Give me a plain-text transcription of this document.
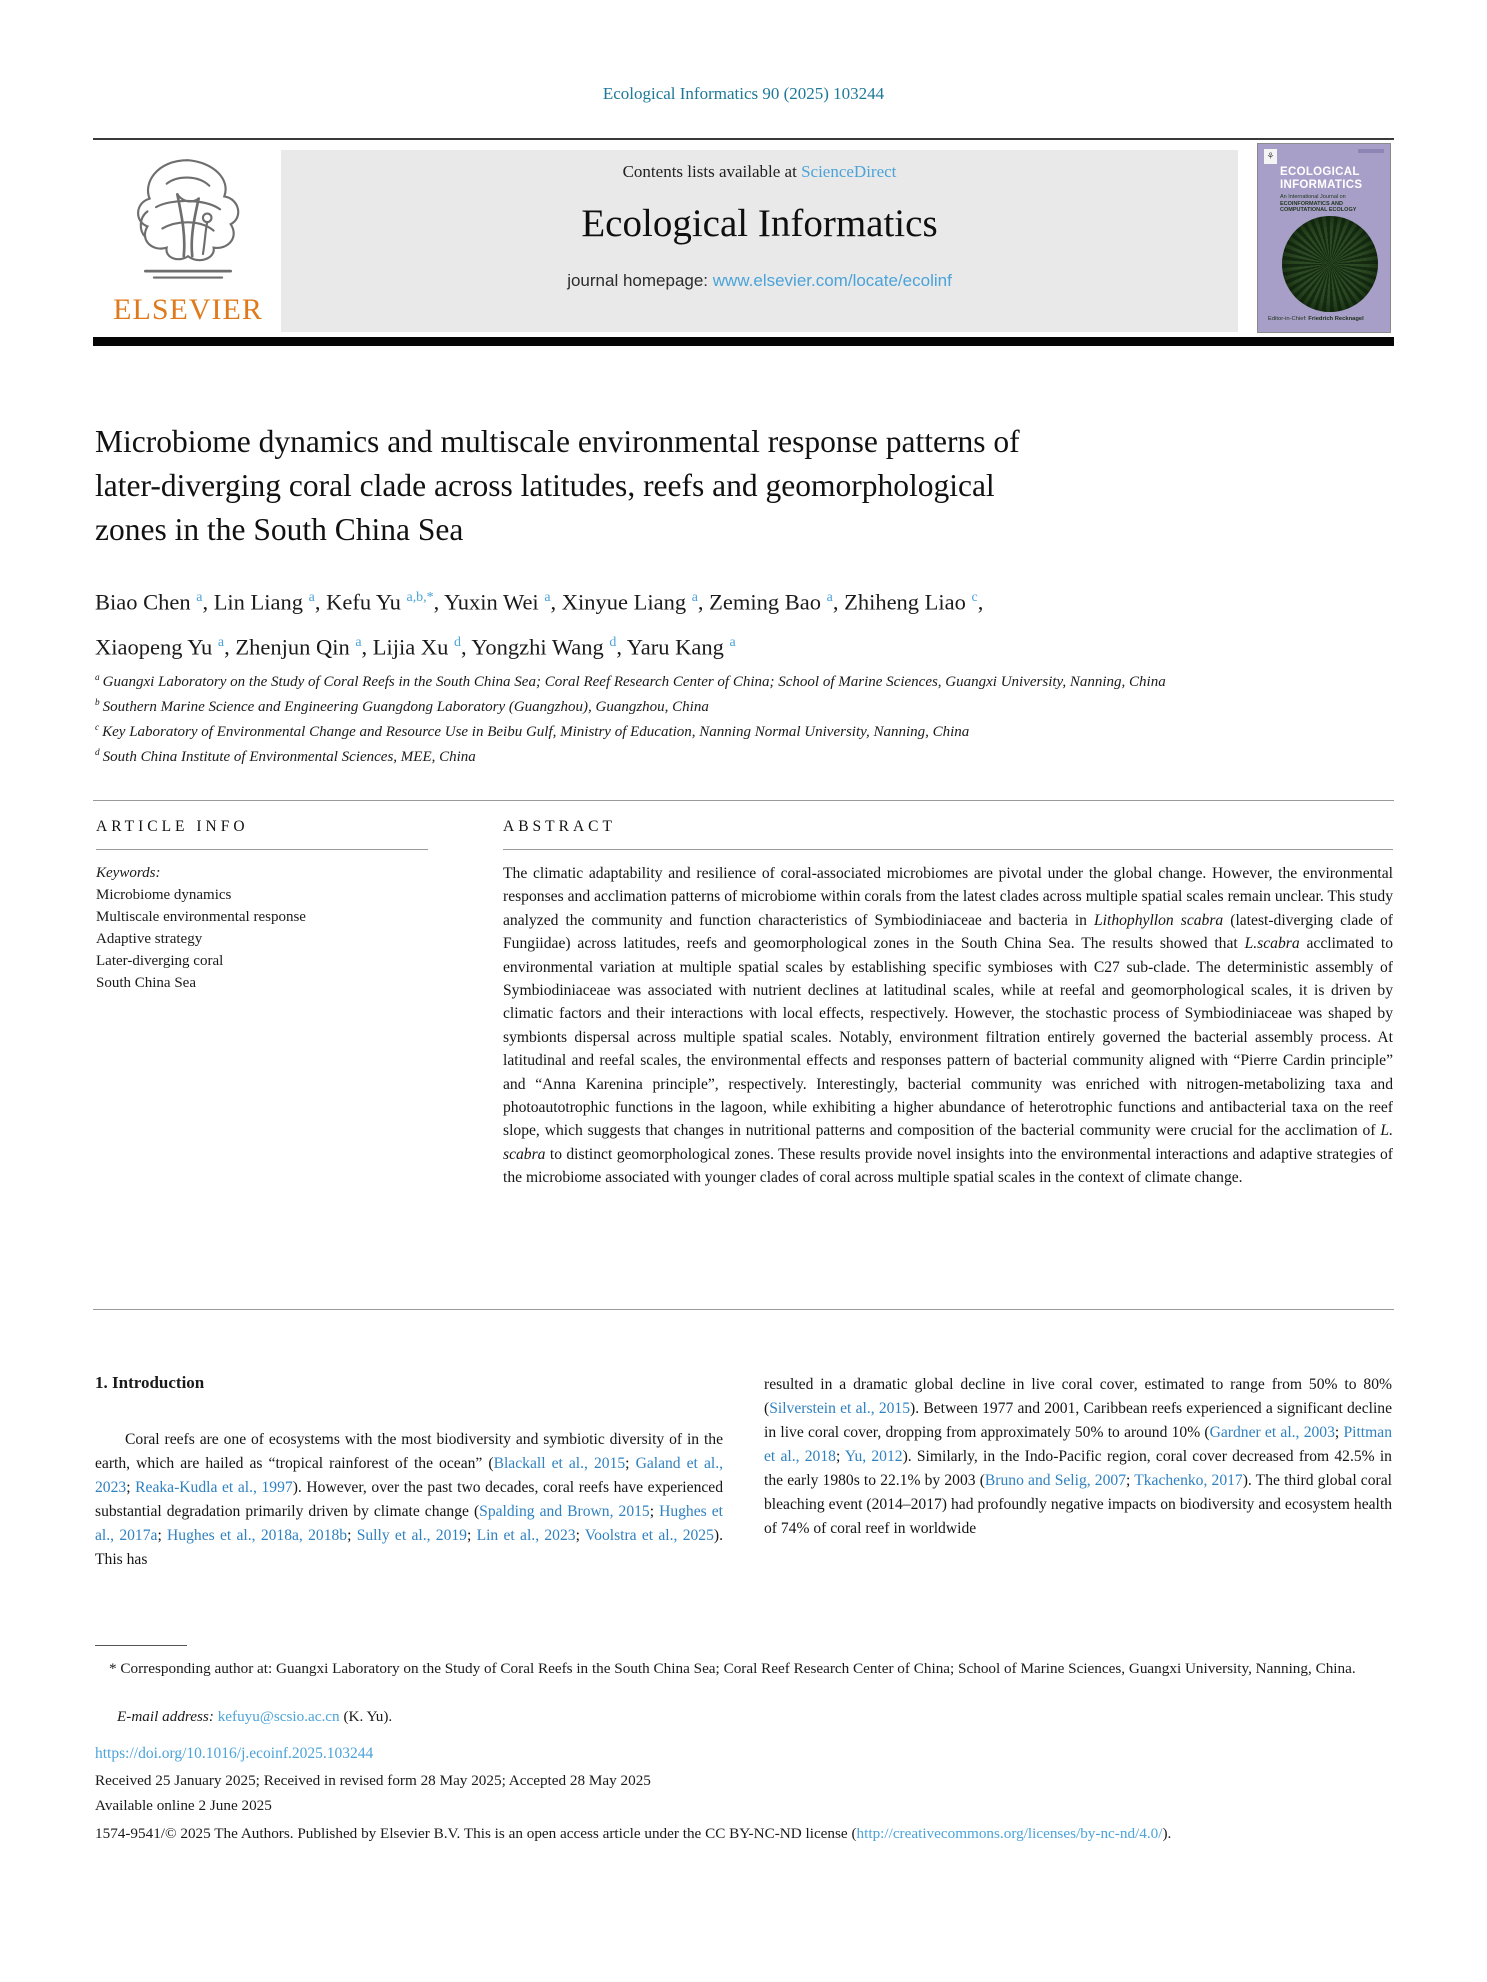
Ecological Informatics 90 (2025) 103244
ELSEVIER
Contents lists available at ScienceDirect
Ecological Informatics
journal homepage: www.elsevier.com/locate/ecolinf
⚘
ECOLOGICAL INFORMATICS
An International Journal on ECOINFORMATICS AND COMPUTATIONAL ECOLOGY
Editor-in-Chief: Friedrich Recknagel
Microbiome dynamics and multiscale environmental response patterns of
later-diverging coral clade across latitudes, reefs and geomorphological
zones in the South China Sea
Biao Chen $^a$, Lin Liang $^a$, Kefu Yu $^{a,b,*}$, Yuxin Wei $^a$, Xinyue Liang $^a$, Zeming Bao $^a$, Zhiheng Liao $^c$,
Xiaopeng Yu $^a$, Zhenjun Qin $^a$, Lijia Xu $^d$, Yongzhi Wang $^d$, Yaru Kang $^a$
$^a$ Guangxi Laboratory on the Study of Coral Reefs in the South China Sea; Coral Reef Research Center of China; School of Marine Sciences, Guangxi University, Nanning, China
$^b$ Southern Marine Science and Engineering Guangdong Laboratory (Guangzhou), Guangzhou, China
$^c$ Key Laboratory of Environmental Change and Resource Use in Beibu Gulf, Ministry of Education, Nanning Normal University, Nanning, China
$^d$ South China Institute of Environmental Sciences, MEE, China
ARTICLE INFO
Keywords:
Microbiome dynamics
Multiscale environmental response
Adaptive strategy
Later-diverging coral
South China Sea
ABSTRACT
The climatic adaptability and resilience of coral-associated microbiomes are pivotal under the global change. However, the environmental responses and acclimation patterns of microbiome within corals from the latest clades across multiple spatial scales remain unclear. This study analyzed the community and function characteristics of Symbiodiniaceae and bacteria in Lithophyllon scabra (latest-diverging clade of Fungiidae) across latitudes, reefs and geomorphological zones in the South China Sea. The results showed that L.scabra acclimated to environmental variation at multiple spatial scales by establishing specific symbioses with C27 sub-clade. The deterministic assembly of Symbiodiniaceae was associated with nutrient declines at latitudinal scales, while at reefal and geomorphological scales, it is driven by climatic factors and their interactions with local effects, respectively. However, the stochastic process of Symbiodiniaceae was shaped by symbionts dispersal across multiple spatial scales. Notably, environment filtration entirely governed the bacterial assembly process. At latitudinal and reefal scales, the environmental effects and responses pattern of bacterial community aligned with “Pierre Cardin principle” and “Anna Karenina principle”, respectively. Interestingly, bacterial community was enriched with nitrogen-metabolizing taxa and photoautotrophic functions in the lagoon, while exhibiting a higher abundance of heterotrophic functions and antibacterial taxa on the reef slope, which suggests that changes in nutritional patterns and composition of the bacterial community were crucial for the acclimation of L. scabra to distinct geomorphological zones. These results provide novel insights into the environmental interactions and adaptive strategies of the microbiome associated with younger clades of coral across multiple spatial scales in the context of climate change.
1. Introduction
Coral reefs are one of ecosystems with the most biodiversity and symbiotic diversity of in the earth, which are hailed as “tropical rainforest of the ocean” (Blackall et al., 2015; Galand et al., 2023; Reaka-Kudla et al., 1997). However, over the past two decades, coral reefs have experienced substantial degradation primarily driven by climate change (Spalding and Brown, 2015; Hughes et al., 2017a; Hughes et al., 2018a, 2018b; Sully et al., 2019; Lin et al., 2023; Voolstra et al., 2025). This has
resulted in a dramatic global decline in live coral cover, estimated to range from 50% to 80% (Silverstein et al., 2015). Between 1977 and 2001, Caribbean reefs experienced a significant decline in live coral cover, dropping from approximately 50% to around 10% (Gardner et al., 2003; Pittman et al., 2018; Yu, 2012). Similarly, in the Indo-Pacific region, coral cover decreased from 42.5% in the early 1980s to 22.1% by 2003 (Bruno and Selig, 2007; Tkachenko, 2017). The third global coral bleaching event (2014–2017) had profoundly negative impacts on biodiversity and ecosystem health of 74% of coral reef in worldwide
* Corresponding author at: Guangxi Laboratory on the Study of Coral Reefs in the South China Sea; Coral Reef Research Center of China; School of Marine Sciences, Guangxi University, Nanning, China.
E-mail address: kefuyu@scsio.ac.cn (K. Yu).
https://doi.org/10.1016/j.ecoinf.2025.103244
Received 25 January 2025; Received in revised form 28 May 2025; Accepted 28 May 2025
Available online 2 June 2025
1574-9541/© 2025 The Authors. Published by Elsevier B.V. This is an open access article under the CC BY-NC-ND license (http://creativecommons.org/licenses/by-nc-nd/4.0/).
